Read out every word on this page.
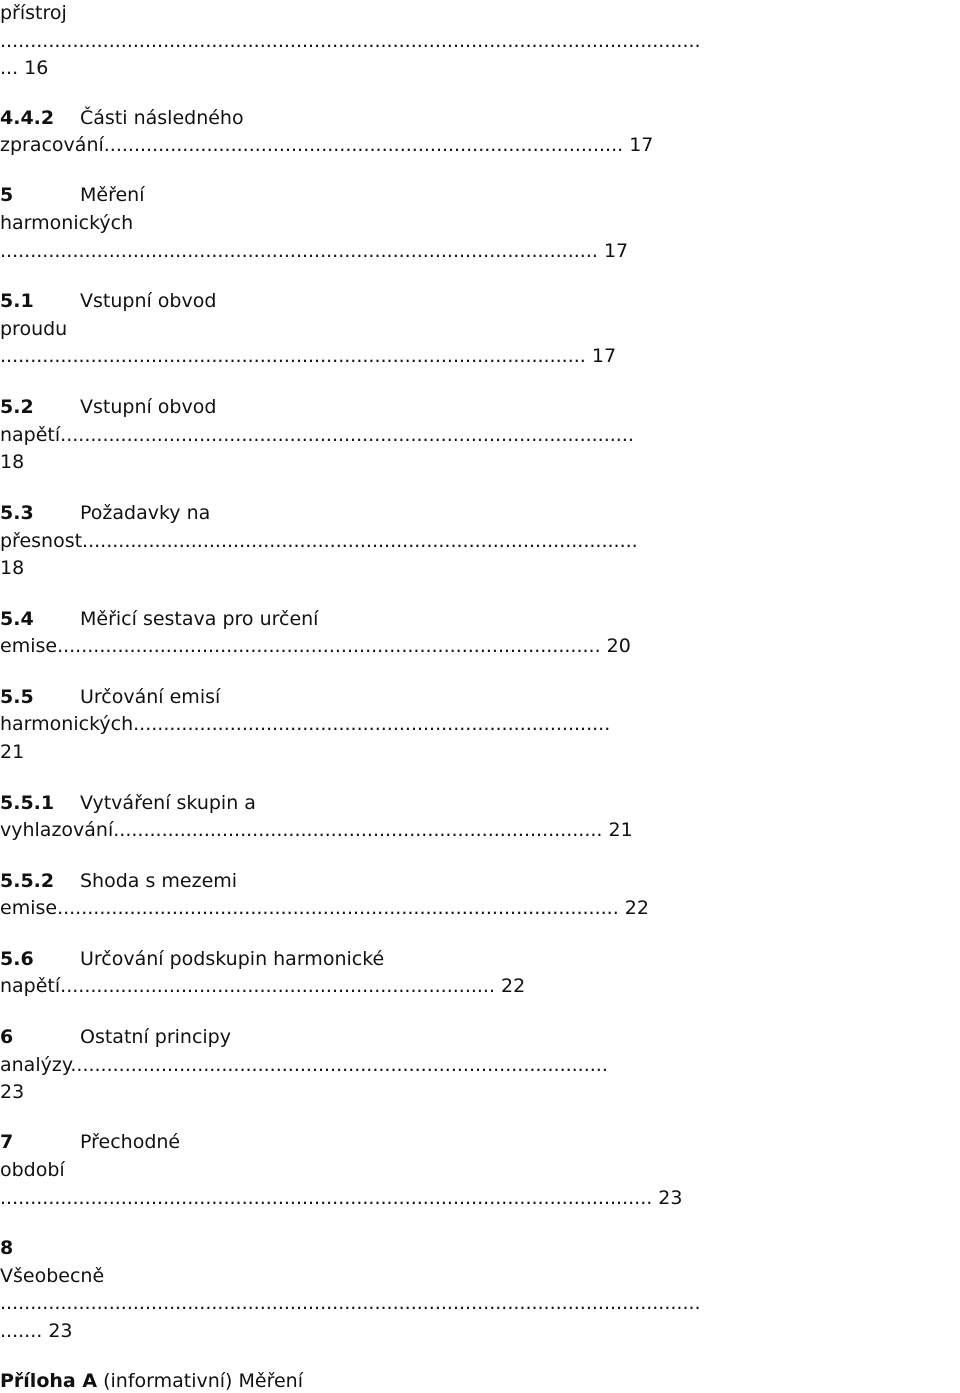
přístroj
....................................................................................................................
... 16
4.4.2 Části následného
zpracování...................................................................................... 17
5	Měření
harmonických
................................................................................................... 17
5.1 Vstupní obvod
proudu
................................................................................................. 17
5.2 Vstupní obvod
napětí...............................................................................................
18
5.3 Požadavky na
přesnost............................................................................................
18
5.4 Měřicí sestava pro určení
emise.......................................................................................... 20
5.5 Určování emisí
harmonických...............................................................................
21
5.5.1 Vytváření skupin a
vyhlazování................................................................................. 21
5.5.2 Shoda s mezemi
emise............................................................................................. 22
5.6 Určování podskupin harmonické
napětí........................................................................ 22
6	Ostatní principy
analýzy.........................................................................................
23
7	Přechodné
období
............................................................................................................ 23
8
Všeobecně
....................................................................................................................
....... 23
Příloha A (informativní) Měření
